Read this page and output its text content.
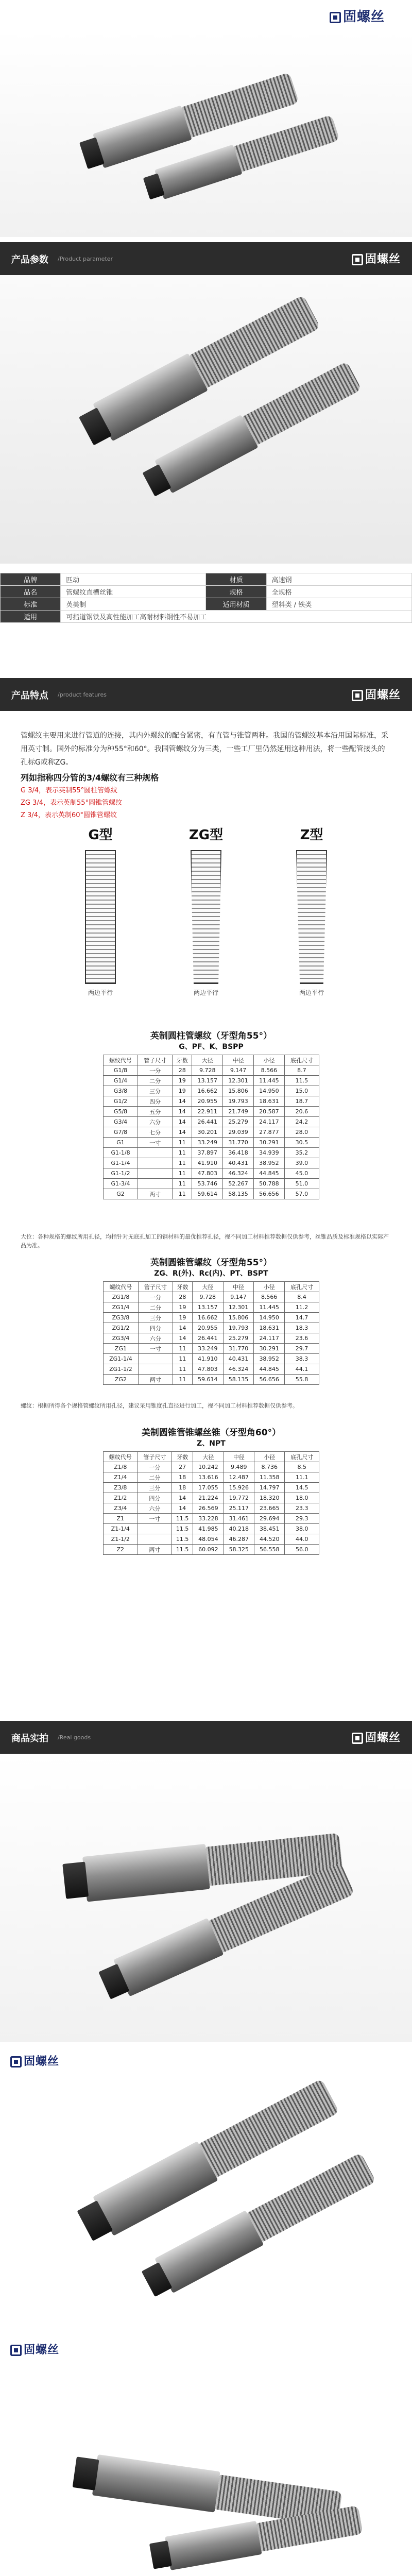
固螺丝
产品参数 /Product parameter	固螺丝
品牌	匹动	材质	高速钢
品名	管螺纹直槽丝锥	规格	全规格
标准	英美制	适用材质	塑料类 / 铁类
适用	可指道钢铁及高性能加工高耐材料钢性不易加工		
产品特点 /product features	固螺丝

管螺纹主要用来进行管道的连接，其内外螺纹的配合紧密，有直管与锥管两种。我国的管螺纹基本沿用国际标准，采用英寸制。国外的标准分为种55°和60°。我国管螺纹分为三类，一些工厂里仍然延用这种用法，将一些配管接头的孔标G或称ZG。

列如指称四分管的3/4螺纹有三种规格

G 3/4，表示英制55°圆柱管螺纹

ZG 3/4，表示英制55°圆锥管螺纹

Z 3/4，表示英制60°圆锥管螺纹

G型
两边平行
ZG型
两边平行
Z型
两边平行
英制圆柱管螺纹（牙型角55°）
G、PF、K、BSPP
螺纹代号	管子尺寸	牙数	大径	中径	小径	底孔尺寸
G1/8	一分	28	9.728	9.147	8.566	8.7
G1/4	二分	19	13.157	12.301	11.445	11.5
G3/8	三分	19	16.662	15.806	14.950	15.0
G1/2	四分	14	20.955	19.793	18.631	18.7
G5/8	五分	14	22.911	21.749	20.587	20.6
G3/4	六分	14	26.441	25.279	24.117	24.2
G7/8	七分	14	30.201	29.039	27.877	28.0
G1	一寸	11	33.249	31.770	30.291	30.5
G1-1/8		11	37.897	36.418	34.939	35.2
G1-1/4		11	41.910	40.431	38.952	39.0
G1-1/2		11	47.803	46.324	44.845	45.0
G1-3/4		11	53.746	52.267	50.788	51.0
G2	两寸	11	59.614	58.135	56.656	57.0
大位：各种规格的螺纹所用孔径，均指针对无底孔加工的钢材料的最优推荐孔径，视不同加工材料推荐数据仅供参考，丝锥品质及标准规格以实际产品为准。
英制圆锥管螺纹（牙型角55°）
ZG、R(外)、Rc(内)、PT、BSPT
螺纹代号	管子尺寸	牙数	大径	中径	小径	底孔尺寸
ZG1/8	一分	28	9.728	9.147	8.566	8.4
ZG1/4	二分	19	13.157	12.301	11.445	11.2
ZG3/8	三分	19	16.662	15.806	14.950	14.7
ZG1/2	四分	14	20.955	19.793	18.631	18.3
ZG3/4	六分	14	26.441	25.279	24.117	23.6
ZG1	一寸	11	33.249	31.770	30.291	29.7
ZG1-1/4		11	41.910	40.431	38.952	38.3
ZG1-1/2		11	47.803	46.324	44.845	44.1
ZG2	两寸	11	59.614	58.135	56.656	55.8
螺纹：根据所得各个规格管螺纹所用孔径，建议采用锥度孔直径进行加工，视不同加工材料推荐数据仅供参考。
美制圆锥管锥螺丝锥（牙型角60°）
Z、NPT
螺纹代号	管子尺寸	牙数	大径	中径	小径	底孔尺寸
Z1/8	一分	27	10.242	9.489	8.736	8.5
Z1/4	二分	18	13.616	12.487	11.358	11.1
Z3/8	三分	18	17.055	15.926	14.797	14.5
Z1/2	四分	14	21.224	19.772	18.320	18.0
Z3/4	六分	14	26.569	25.117	23.665	23.3
Z1	一寸	11.5	33.228	31.461	29.694	29.3
Z1-1/4		11.5	41.985	40.218	38.451	38.0
Z1-1/2		11.5	48.054	46.287	44.520	44.0
Z2	两寸	11.5	60.092	58.325	56.558	56.0
商品实拍 /Real goods	固螺丝
固螺丝
固螺丝
